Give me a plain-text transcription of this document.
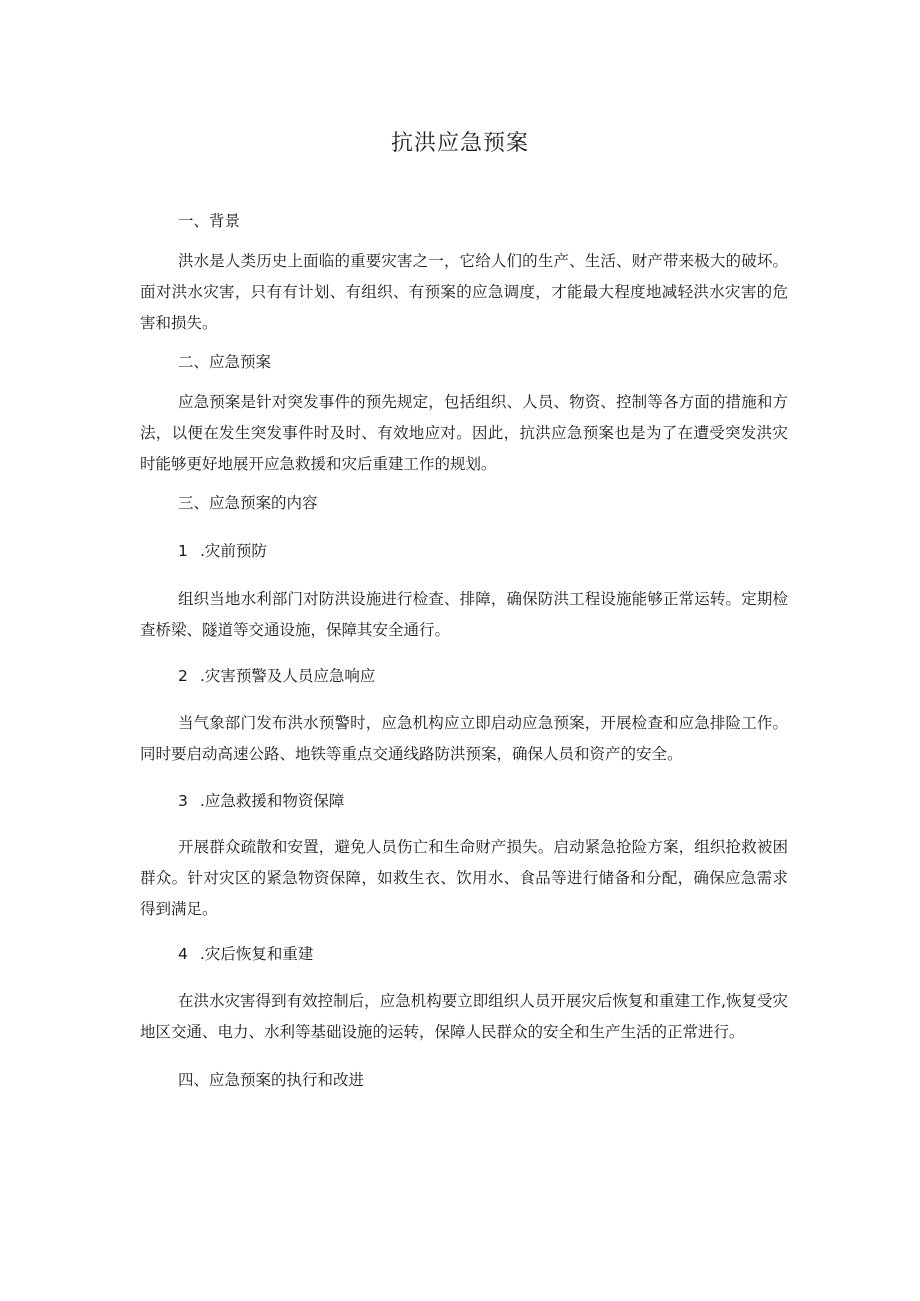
抗洪应急预案

一、背景

洪水是人类历史上面临的重要灾害之一，它给人们的生产、生活、财产带来极大的破坏。面对洪水灾害，只有有计划、有组织、有预案的应急调度，才能最大程度地减轻洪水灾害的危害和损失。

二、应急预案

应急预案是针对突发事件的预先规定，包括组织、人员、物资、控制等各方面的措施和方法，以便在发生突发事件时及时、有效地应对。因此，抗洪应急预案也是为了在遭受突发洪灾时能够更好地展开应急救援和灾后重建工作的规划。

三、应急预案的内容

1 .灾前预防

组织当地水利部门对防洪设施进行检查、排障，确保防洪工程设施能够正常运转。定期检查桥梁、隧道等交通设施，保障其安全通行。

2 .灾害预警及人员应急响应

当气象部门发布洪水预警时，应急机构应立即启动应急预案，开展检查和应急排险工作。同时要启动高速公路、地铁等重点交通线路防洪预案，确保人员和资产的安全。

3 .应急救援和物资保障

开展群众疏散和安置，避免人员伤亡和生命财产损失。启动紧急抢险方案，组织抢救被困群众。针对灾区的紧急物资保障，如救生衣、饮用水、食品等进行储备和分配，确保应急需求得到满足。

4 .灾后恢复和重建

在洪水灾害得到有效控制后，应急机构要立即组织人员开展灾后恢复和重建工作,恢复受灾地区交通、电力、水利等基础设施的运转，保障人民群众的安全和生产生活的正常进行。

四、应急预案的执行和改进
